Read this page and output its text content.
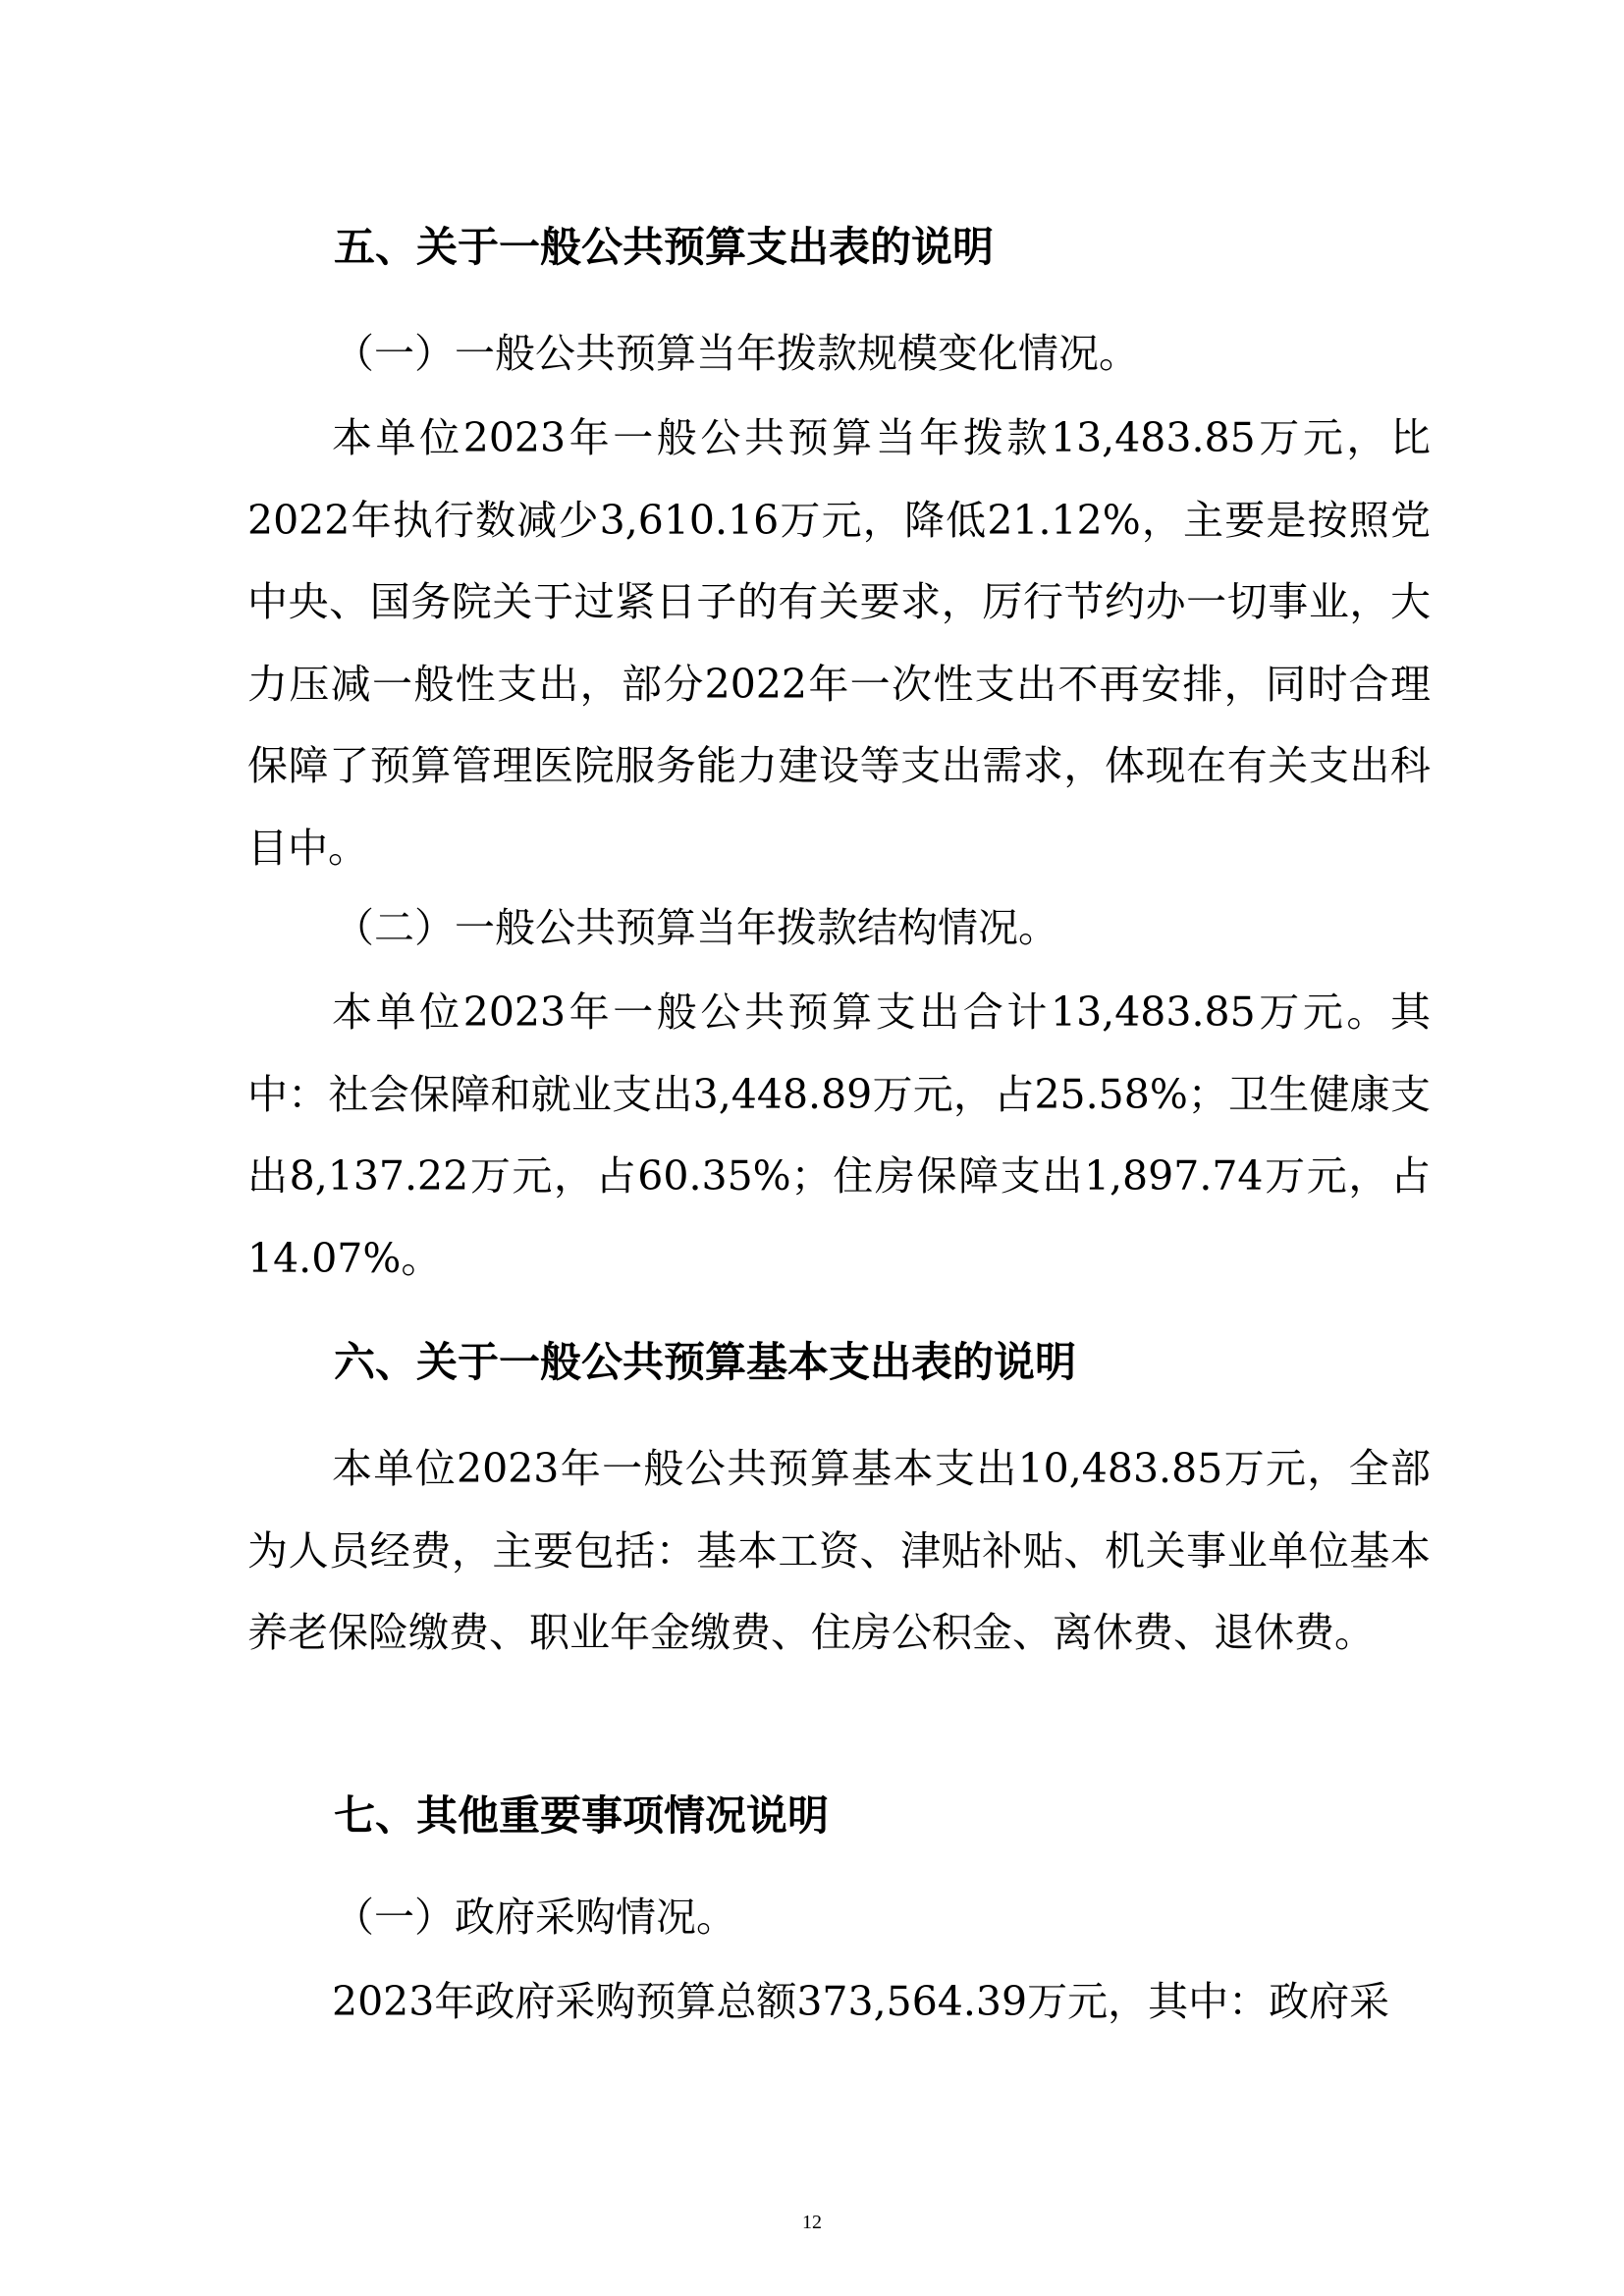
五、关于一般公共预算支出表的说明
（一）一般公共预算当年拨款规模变化情况。

本单位2023年一般公共预算当年拨款13,483.85万元，比2022年执行数减少3,610.16万元，降低21.12%，主要是按照党中央、国务院关于过紧日子的有关要求，厉行节约办一切事业，大力压减一般性支出，部分2022年一次性支出不再安排，同时合理保障了预算管理医院服务能力建设等支出需求，体现在有关支出科目中。

（二）一般公共预算当年拨款结构情况。

本单位2023年一般公共预算支出合计13,483.85万元。其中：社会保障和就业支出3,448.89万元，占25.58%；卫生健康支出8,137.22万元，占60.35%；住房保障支出1,897.74万元，占14.07%。

六、关于一般公共预算基本支出表的说明

本单位2023年一般公共预算基本支出10,483.85万元，全部为人员经费，主要包括：基本工资、津贴补贴、机关事业单位基本养老保险缴费、职业年金缴费、住房公积金、离休费、退休费。

七、其他重要事项情况说明
（一）政府采购情况。

2023年政府采购预算总额373,564.39万元，其中：政府采

12
